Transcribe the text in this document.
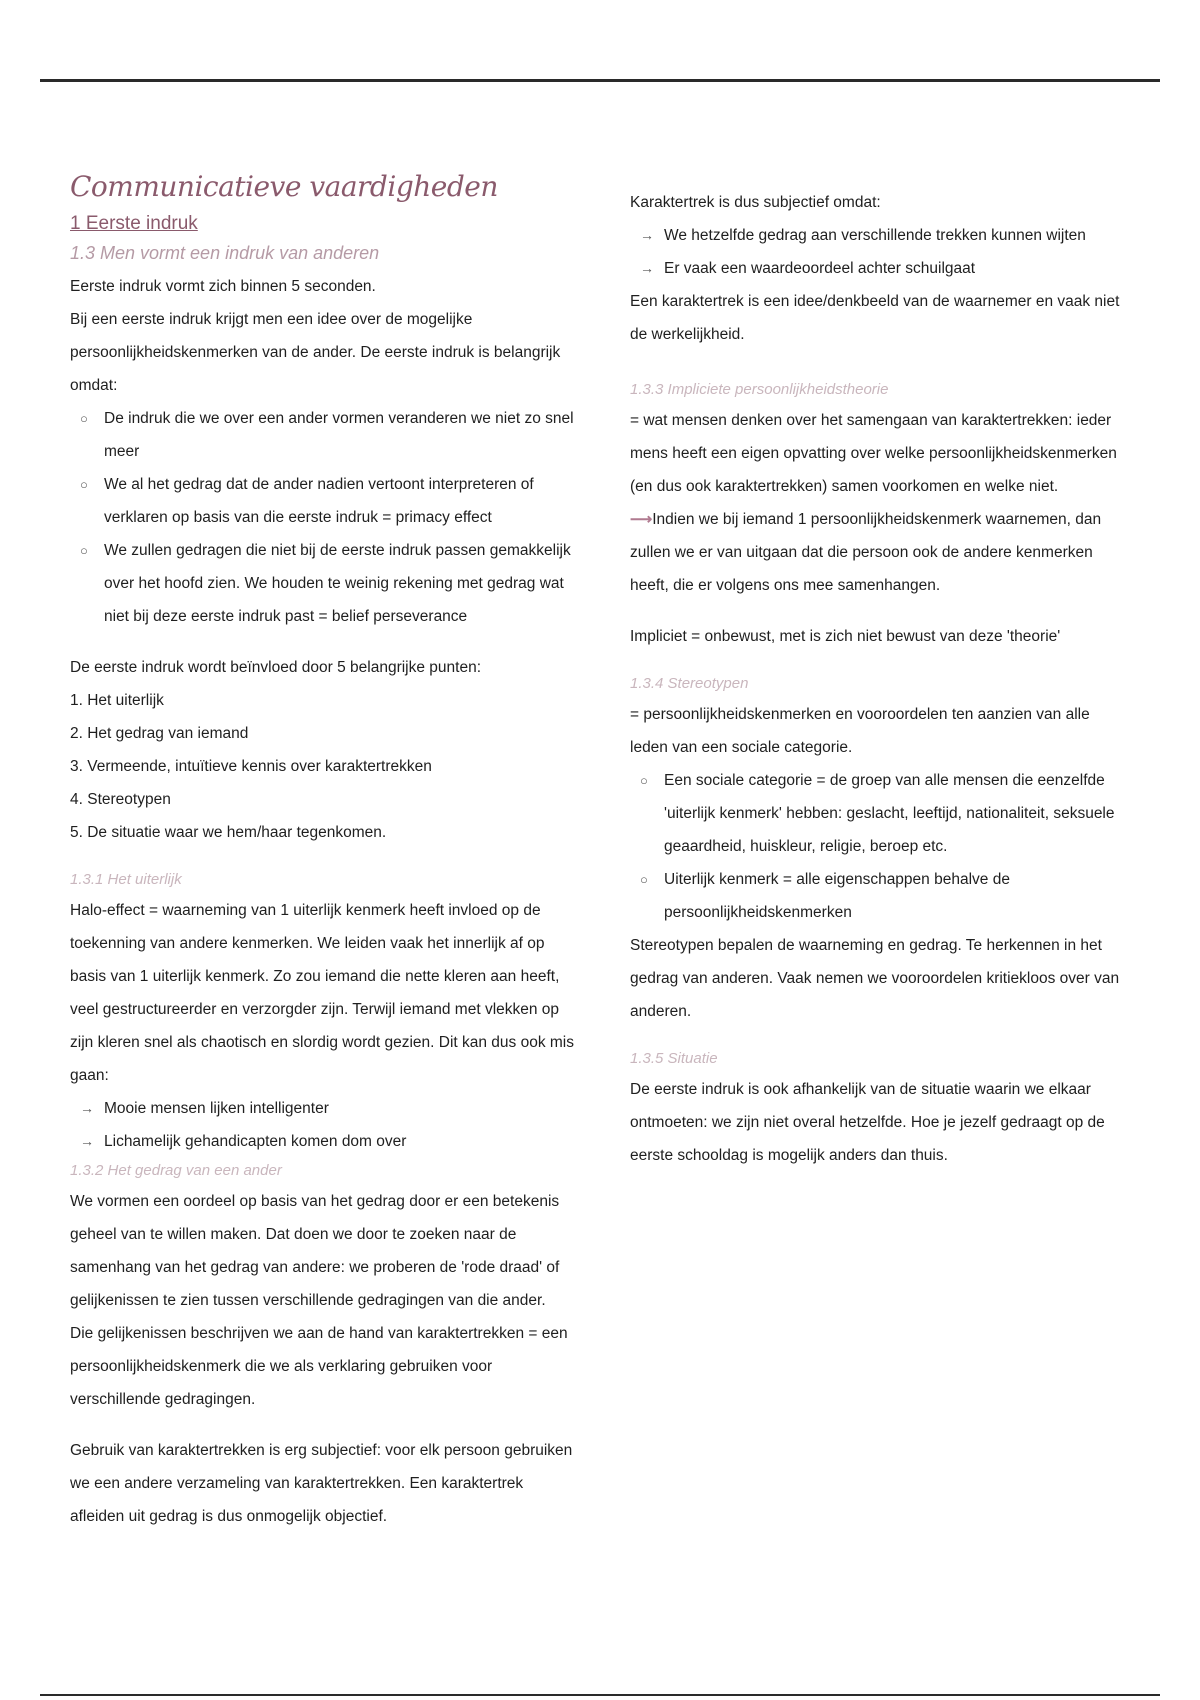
Communicatieve vaardigheden
1 Eerste indruk
1.3 Men vormt een indruk van anderen

Eerste indruk vormt zich binnen 5 seconden.

Bij een eerste indruk krijgt men een idee over de mogelijke persoonlijkheidskenmerken van de ander. De eerste indruk is belangrijk omdat:

○ De indruk die we over een ander vormen veranderen we niet zo snel meer
○ We al het gedrag dat de ander nadien vertoont interpreteren of verklaren op basis van die eerste indruk = primacy effect
○ We zullen gedragen die niet bij de eerste indruk passen gemakkelijk over het hoofd zien. We houden te weinig rekening met gedrag wat niet bij deze eerste indruk past = belief perseverance

De eerste indruk wordt beïnvloed door 5 belangrijke punten:

1. Het uiterlijk

2. Het gedrag van iemand

3. Vermeende, intuïtieve kennis over karaktertrekken

4. Stereotypen

5. De situatie waar we hem/haar tegenkomen.

1.3.1 Het uiterlijk

Halo-effect = waarneming van 1 uiterlijk kenmerk heeft invloed op de toekenning van andere kenmerken. We leiden vaak het innerlijk af op basis van 1 uiterlijk kenmerk. Zo zou iemand die nette kleren aan heeft, veel gestructureerder en verzorgder zijn. Terwijl iemand met vlekken op zijn kleren snel als chaotisch en slordig wordt gezien. Dit kan dus ook mis gaan:

→ Mooie mensen lijken intelligenter
→ Lichamelijk gehandicapten komen dom over
1.3.2 Het gedrag van een ander

We vormen een oordeel op basis van het gedrag door er een betekenis geheel van te willen maken. Dat doen we door te zoeken naar de samenhang van het gedrag van andere: we proberen de 'rode draad' of gelijkenissen te zien tussen verschillende gedragingen van die ander.

Die gelijkenissen beschrijven we aan de hand van karaktertrekken = een persoonlijkheidskenmerk die we als verklaring gebruiken voor verschillende gedragingen.

Gebruik van karaktertrekken is erg subjectief: voor elk persoon gebruiken we een andere verzameling van karaktertrekken. Een karaktertrek afleiden uit gedrag is dus onmogelijk objectief.

Karaktertrek is dus subjectief omdat:

→ We hetzelfde gedrag aan verschillende trekken kunnen wijten
→ Er vaak een waardeoordeel achter schuilgaat

Een karaktertrek is een idee/denkbeeld van de waarnemer en vaak niet de werkelijkheid.

1.3.3 Impliciete persoonlijkheidstheorie

= wat mensen denken over het samengaan van karaktertrekken: ieder mens heeft een eigen opvatting over welke persoonlijkheidskenmerken (en dus ook karaktertrekken) samen voorkomen en welke niet.

⟶Indien we bij iemand 1 persoonlijkheidskenmerk waarnemen, dan zullen we er van uitgaan dat die persoon ook de andere kenmerken heeft, die er volgens ons mee samenhangen.

Impliciet = onbewust, met is zich niet bewust van deze 'theorie'

1.3.4 Stereotypen

= persoonlijkheidskenmerken en vooroordelen ten aanzien van alle leden van een sociale categorie.

○ Een sociale categorie = de groep van alle mensen die eenzelfde 'uiterlijk kenmerk' hebben: geslacht, leeftijd, nationaliteit, seksuele geaardheid, huiskleur, religie, beroep etc.
○ Uiterlijk kenmerk = alle eigenschappen behalve de persoonlijkheidskenmerken

Stereotypen bepalen de waarneming en gedrag. Te herkennen in het gedrag van anderen. Vaak nemen we vooroordelen kritiekloos over van anderen.

1.3.5 Situatie

De eerste indruk is ook afhankelijk van de situatie waarin we elkaar ontmoeten: we zijn niet overal hetzelfde. Hoe je jezelf gedraagt op de eerste schooldag is mogelijk anders dan thuis.
